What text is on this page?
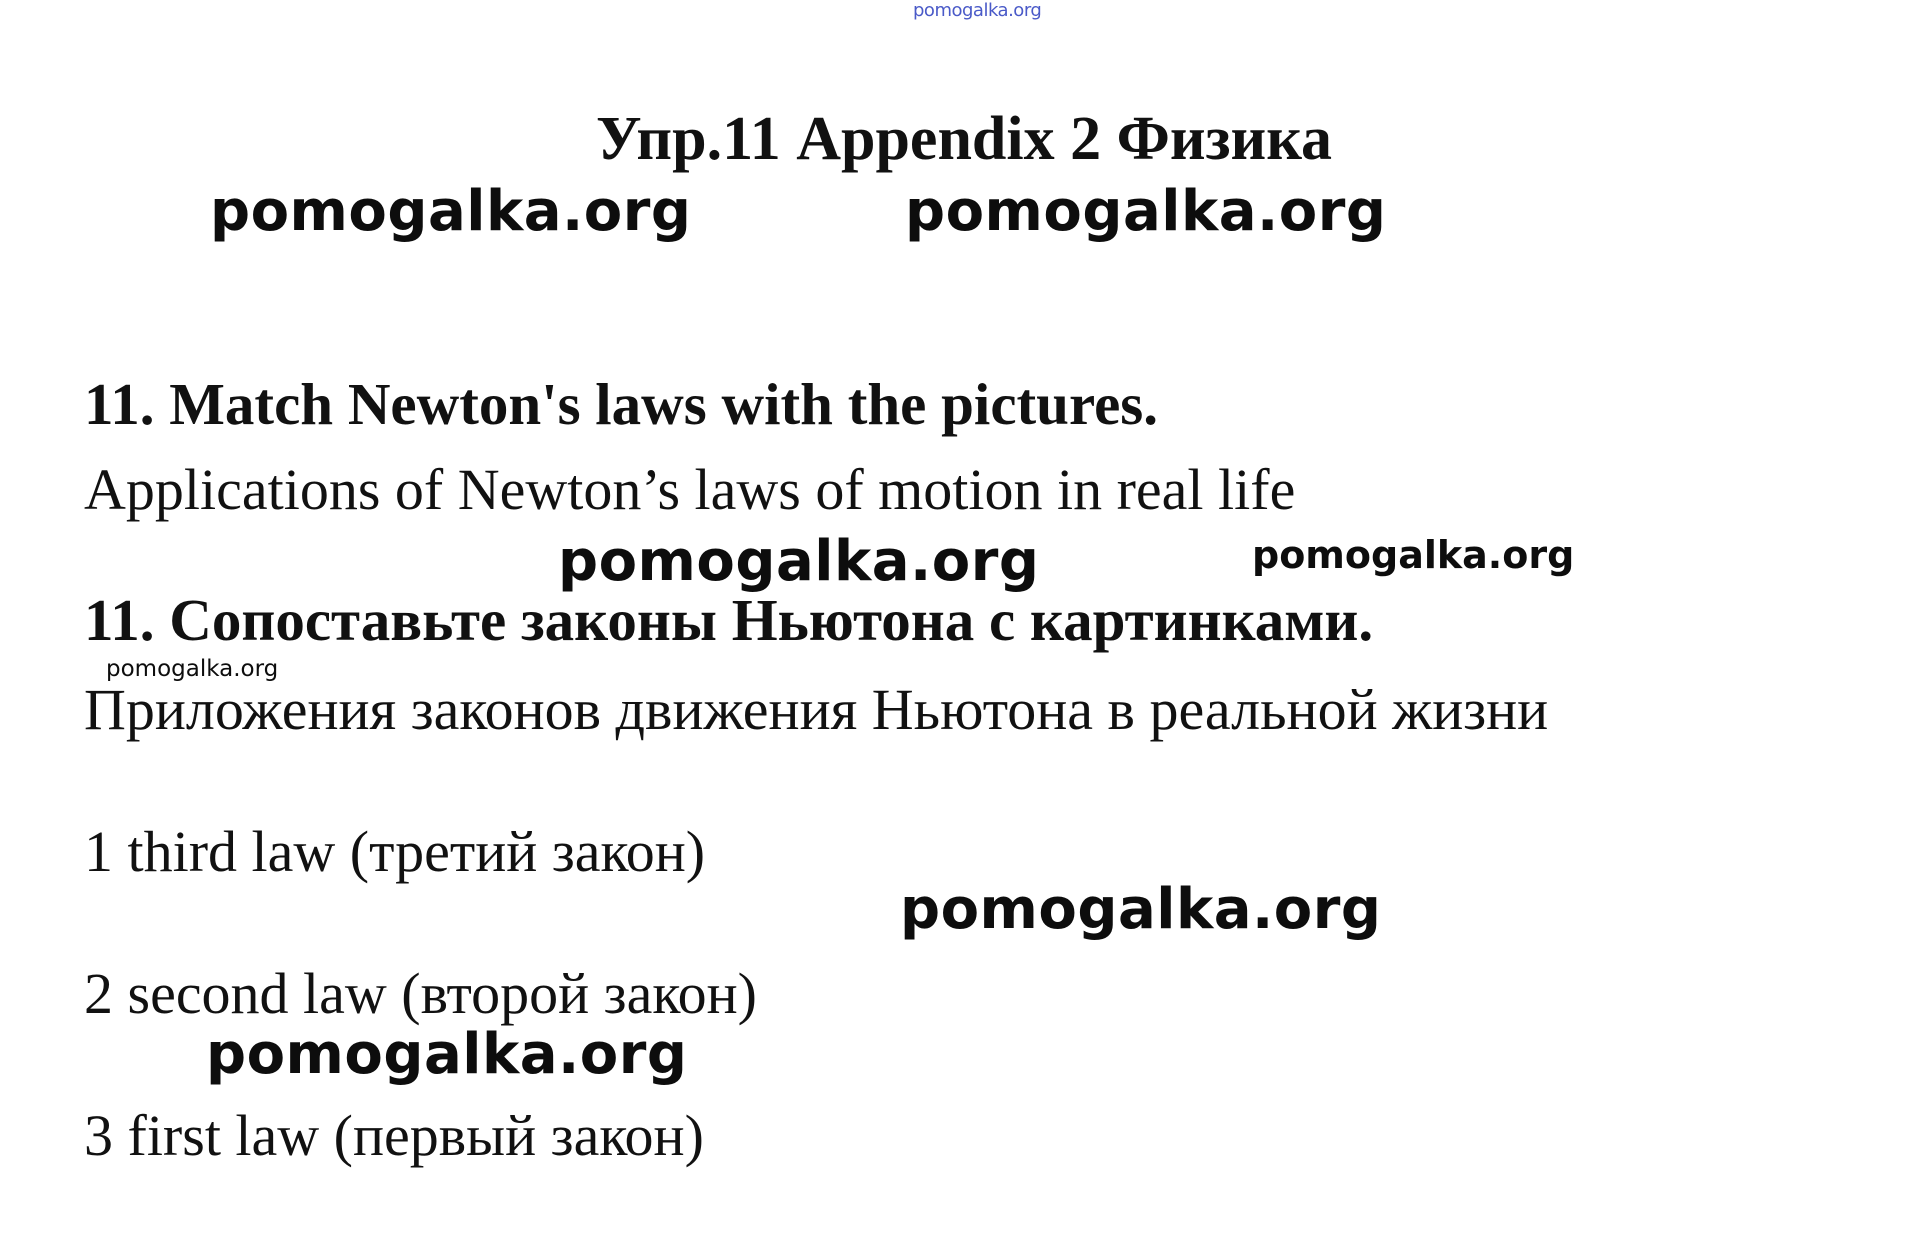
pomogalka.org
Упр.11 Appendix 2 Физика
pomogalka.org	pomogalka.org
11. Match Newton's laws with the pictures.
Applications of Newton’s laws of motion in real life
pomogalka.org	pomogalka.org
11. Сопоставьте законы Ньютона с картинками.
pomogalka.org
Приложения законов движения Ньютона в реальной жизни
1 third law (третий закон)
pomogalka.org
2 second law (второй закон)
pomogalka.org
3 first law (первый закон)
